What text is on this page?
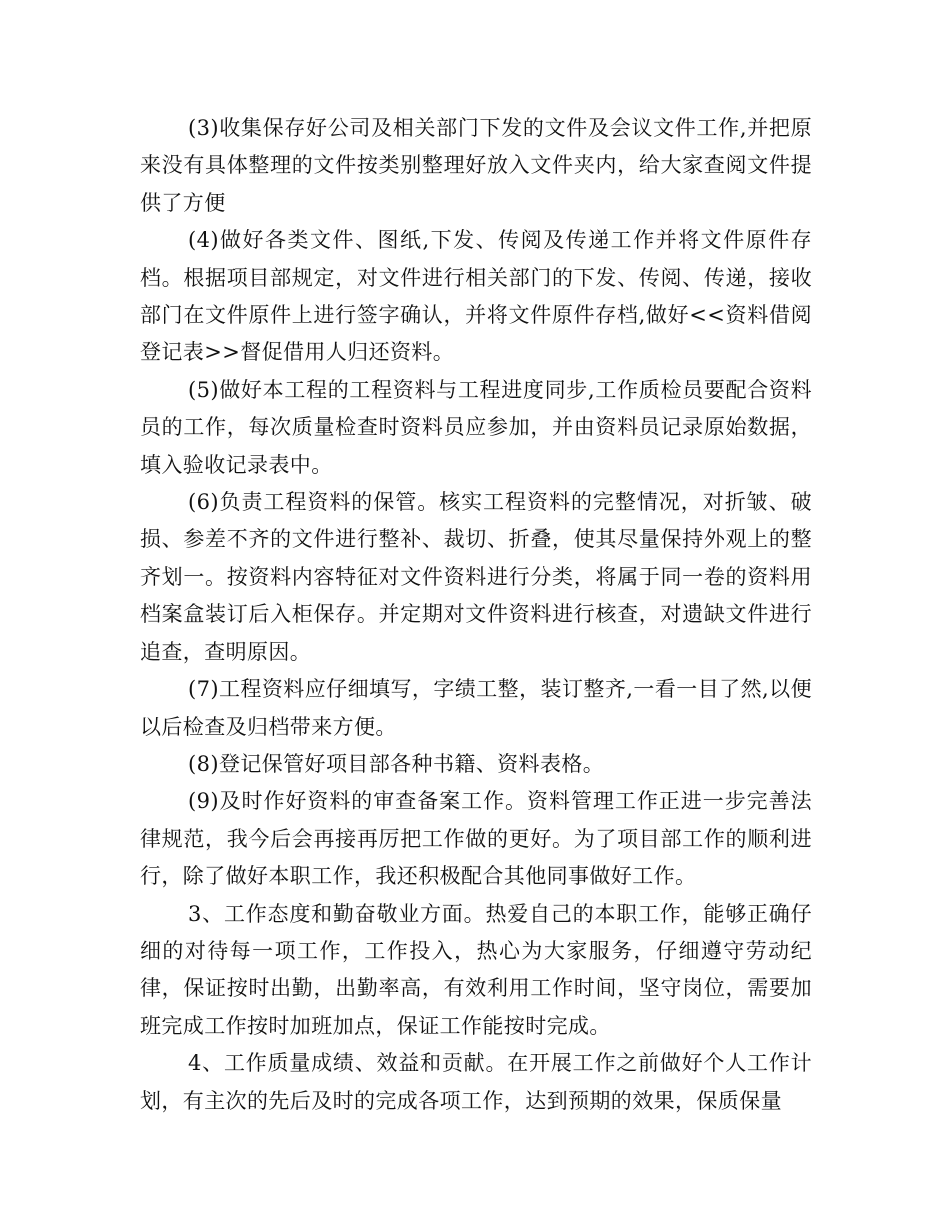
(3)收集保存好公司及相关部门下发的文件及会议文件工作,并把原来没有具体整理的文件按类别整理好放入文件夹内，给大家查阅文件提供了方便

(4)做好各类文件、图纸,下发、传阅及传递工作并将文件原件存档。根据项目部规定，对文件进行相关部门的下发、传阅、传递，接收部门在文件原件上进行签字确认，并将文件原件存档,做好<<资料借阅登记表>>督促借用人归还资料。

(5)做好本工程的工程资料与工程进度同步,工作质检员要配合资料员的工作，每次质量检查时资料员应参加，并由资料员记录原始数据，填入验收记录表中。

(6)负责工程资料的保管。核实工程资料的完整情况，对折皱、破损、参差不齐的文件进行整补、裁切、折叠，使其尽量保持外观上的整齐划一。按资料内容特征对文件资料进行分类，将属于同一卷的资料用档案盒装订后入柜保存。并定期对文件资料进行核查，对遗缺文件进行追查，查明原因。

(7)工程资料应仔细填写，字绩工整，装订整齐,一看一目了然,以便以后检查及归档带来方便。

(8)登记保管好项目部各种书籍、资料表格。

(9)及时作好资料的审查备案工作。资料管理工作正进一步完善法律规范，我今后会再接再厉把工作做的更好。为了项目部工作的顺利进行，除了做好本职工作，我还积极配合其他同事做好工作。

3、工作态度和勤奋敬业方面。热爱自己的本职工作，能够正确仔细的对待每一项工作，工作投入，热心为大家服务，仔细遵守劳动纪律，保证按时出勤，出勤率高，有效利用工作时间，坚守岗位，需要加班完成工作按时加班加点，保证工作能按时完成。

4、工作质量成绩、效益和贡献。在开展工作之前做好个人工作计划，有主次的先后及时的完成各项工作，达到预期的效果，保质保量
